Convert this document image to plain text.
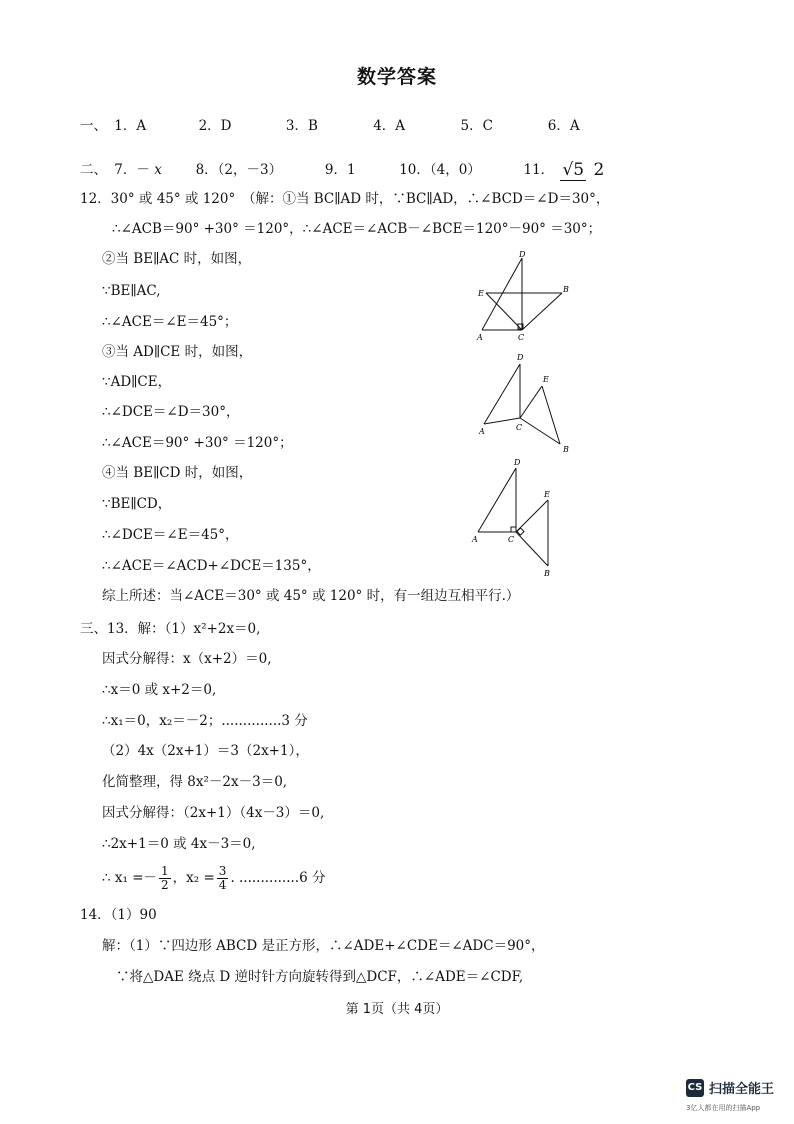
数学答案
一、 1．A	2．D	3．B	4．A	5．C	6．A
二、 7．－ x	8．（2，－3）	9．1	10．（4，0）	11． √5 2
12．30° 或 45° 或 120°　（解：①当 BC∥AD 时，∵BC∥AD，∴∠BCD＝∠D＝30°，
∴∠ACB＝90° +30° ＝120°，∴∠ACE＝∠ACB－∠BCE＝120°－90° ＝30°；
②当 BE∥AC 时，如图，
∵BE∥AC,
∴∠ACE＝∠E＝45°；
③当 AD∥CE 时，如图，
∵AD∥CE，
∴∠DCE＝∠D＝30°，
∴∠ACE＝90° +30° ＝120°；
④当 BE∥CD 时，如图，
∵BE∥CD，
∴∠DCE＝∠E＝45°，
∴∠ACE＝∠ACD+∠DCE＝135°，
综上所述：当∠ACE＝30° 或 45° 或 120° 时，有一组边互相平行.）
D
E	B
A	C
D
E
A	C
B
D
E
A	C
B
三、13．解：（1）x²+2x＝0,
因式分解得：x（x+2）＝0,
∴x＝0 或 x+2＝0,
∴x₁＝0，x₂＝－2；..............3 分
（2）4x（2x+1）＝3（2x+1），
化简整理，得 8x²－2x－3＝0,
因式分解得：（2x+1）（4x－3）＝0,
∴2x+1＝0 或 4x－3＝0,
∴ $x_1 =- \frac{1}{2}$ ，$x_2 = \frac{3}{4}$ . ..............6 分
14．（1）90
解：（1）∵四边形 ABCD 是正方形，∴∠ADE+∠CDE＝∠ADC＝90°，
∵将△DAE 绕点 D 逆时针方向旋转得到△DCF，∴∠ADE＝∠CDF,
第 1页（共 4页）
CS 扫描全能王
3亿人都在用的扫描App
